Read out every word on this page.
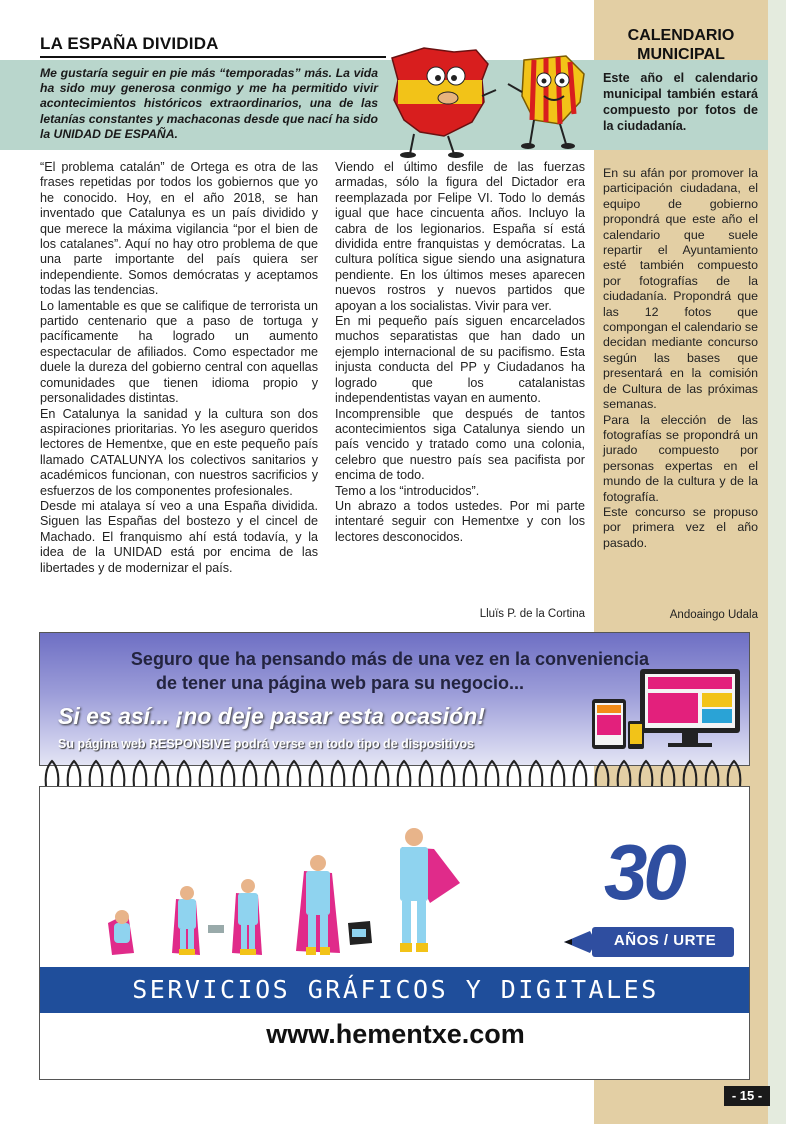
LA ESPAÑA DIVIDIDA
Me gustaría seguir en pie más “temporadas” más. La vida ha sido muy generosa conmigo y me ha permitido vivir acontecimientos históricos extraordinarios, una de las letanías constantes y machaconas desde que nací ha sido la UNIDAD DE ESPAÑA.

“El problema catalán” de Ortega es otra de las frases repetidas por todos los gobiernos que yo he conocido. Hoy, en el año 2018, se han inventado que Catalunya es un país dividido y que merece la máxima vigilancia “por el bien de los catalanes”. Aquí no hay otro problema de que una parte importante del país quiera ser independiente. Somos demócratas y aceptamos todas las tendencias.

Lo lamentable es que se califique de terrorista un partido centenario que a paso de tortuga y pacíficamente ha logrado un aumento espectacular de afiliados. Como espectador me duele la dureza del gobierno central con aquellas comunidades que tienen idioma propio y personalidades distintas.

En Catalunya la sanidad y la cultura son dos aspiraciones prioritarias. Yo les aseguro queridos lectores de Hementxe, que en este pequeño país llamado CATALUNYA los colectivos sanitarios y académicos funcionan, con nuestros sacrificios y esfuerzos de los componentes profesionales.

Desde mi atalaya sí veo a una España dividida. Siguen las Españas del bostezo y el cincel de Machado. El franquismo ahí está todavía, y la idea de la UNIDAD está por encima de las libertades y de modernizar el país.

Viendo el último desfile de las fuerzas armadas, sólo la figura del Dictador era reemplazada por Felipe VI. Todo lo demás igual que hace cincuenta años. Incluyo la cabra de los legionarios. España sí está dividida entre franquistas y demócratas. La cultura política sigue siendo una asignatura pendiente. En los últimos meses aparecen nuevos rostros y nuevos partidos que apoyan a los socialistas. Vivir para ver.

En mi pequeño país siguen encarcelados muchos separatistas que han dado un ejemplo internacional de su pacifismo. Esta injusta conducta del PP y Ciudadanos ha logrado que los catalanistas independentistas vayan en aumento.

Incomprensible que después de tantos acontecimientos siga Catalunya siendo un país vencido y tratado como una colonia, celebro que nuestro país sea pacifista por encima de todo.

Temo a los “introducidos”.

Un abrazo a todos ustedes. Por mi parte intentaré seguir con Hementxe y con los lectores desconocidos.

Lluïs P. de la Cortina
CALENDARIO MUNICIPAL
Este año el calendario municipal también estará compuesto por fotos de la ciudadanía.

En su afán por promover la participación ciudadana, el equipo de gobierno propondrá que este año el calendario que suele repartir el Ayuntamiento esté también compuesto por fotografías de la ciudadanía. Propondrá que las 12 fotos que compongan el calendario se decidan mediante concurso según las bases que presentará en la comisión de Cultura de las próximas semanas.

Para la elección de las fotografías se propondrá un jurado compuesto por personas expertas en el mundo de la cultura y de la fotografía.

Este concurso se propuso por primera vez el año pasado.

Andoaingo Udala
Seguro que ha pensando más de una vez en la conveniencia
de tener una página web para su negocio...
Si es así... ¡no deje pasar esta ocasión!
Su página web RESPONSIVE podrá verse en todo tipo de dispositivos
30
AÑOS / URTE
SERVICIOS GRÁFICOS Y DIGITALES
www.hementxe.com
- 15 -
